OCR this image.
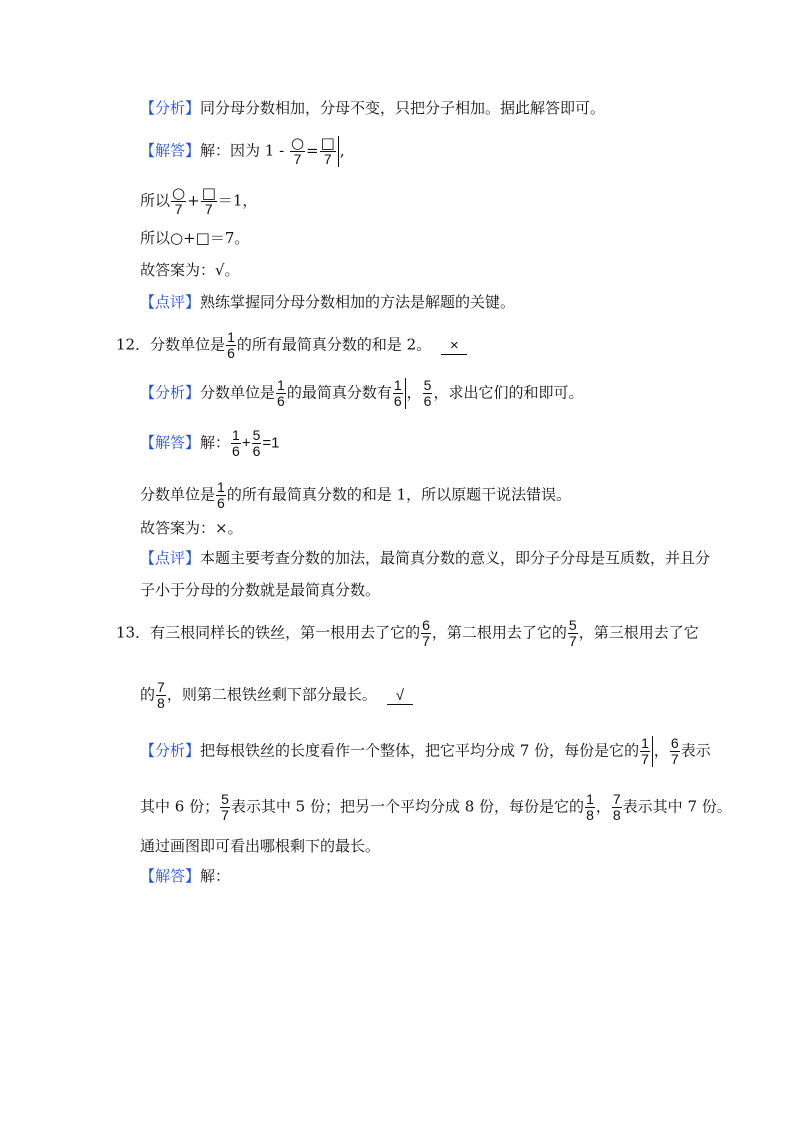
【分析】同分母分数相加，分母不变，只把分子相加。据此解答即可。
【解答】解：因为 $1 - \frac{○}{7} = \frac{□}{7}$ ,
所以 $\frac{○}{7} + \frac{□}{7} =1$，
所以○+□＝7。
故答案为：√。
【点评】熟练掌握同分母分数相加的方法是解题的关键。
12．分数单位是 $\frac{1}{6}$ 的所有最简真分数的和是 2。 ×
【分析】分数单位是 $\frac{1}{6}$ 的最简真分数有 $\frac{1}{6}$ ， $\frac{5}{6}$ ，求出它们的和即可。
【解答】解： $\frac{1}{6} + \frac{5}{6} =1$
分数单位是 $\frac{1}{6}$ 的所有最简真分数的和是 1，所以原题干说法错误。
故答案为：×。
【点评】本题主要考查分数的加法，最简真分数的意义，即分子分母是互质数，并且分
子小于分母的分数就是最简真分数。
13．有三根同样长的铁丝，第一根用去了它的 $\frac{6}{7}$ ，第二根用去了它的 $\frac{5}{7}$ ，第三根用去了它
的 $\frac{7}{8}$ ，则第二根铁丝剩下部分最长。 √
【分析】把每根铁丝的长度看作一个整体，把它平均分成 7 份，每份是它的 $\frac{1}{7}$ ， $\frac{6}{7}$ 表示
其中 6 份； $\frac{5}{7}$ 表示其中 5 份；把另一个平均分成 8 份，每份是它的 $\frac{1}{8}$ ， $\frac{7}{8}$ 表示其中 7 份。
通过画图即可看出哪根剩下的最长。
【解答】解：
